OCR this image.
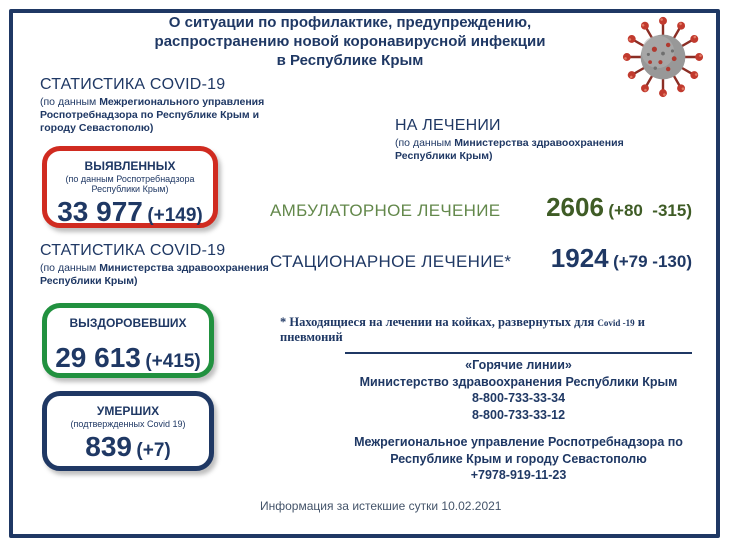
О ситуации по профилактике, предупреждению,
распространению новой коронавирусной инфекции
в Республике Крым
СТАТИСТИКА COVID-19
(по данным Межрегионального управления Роспотребнадзора по Республике Крым и городу Севастополю)
ВЫЯВЛЕННЫХ
(по данным Роспотребнадзора Республики Крым)
33 977 (+149)
СТАТИСТИКА COVID-19
(по данным Министерства здравоохранения Республики Крым)
ВЫЗДОРОВЕВШИХ
29 613 (+415)
УМЕРШИХ
(подтвержденных Covid 19)
839 (+7)
НА ЛЕЧЕНИИ
(по данным Министерства здравоохранения Республики Крым)
АМБУЛАТОРНОЕ ЛЕЧЕНИЕ 2606 (+80  -315)
СТАЦИОНАРНОЕ ЛЕЧЕНИЕ* 1924 (+79 -130)
* Находящиеся на лечении на койках, развернутых для Covid -19 и пневмоний
«Горячие линии»
Министерство здравоохранения Республики Крым
8-800-733-33-34
8-800-733-33-12
Межрегиональное управление Роспотребнадзора по Республике Крым и городу Севастополю
+7978-919-11-23
Информация за истекшие сутки 10.02.2021
